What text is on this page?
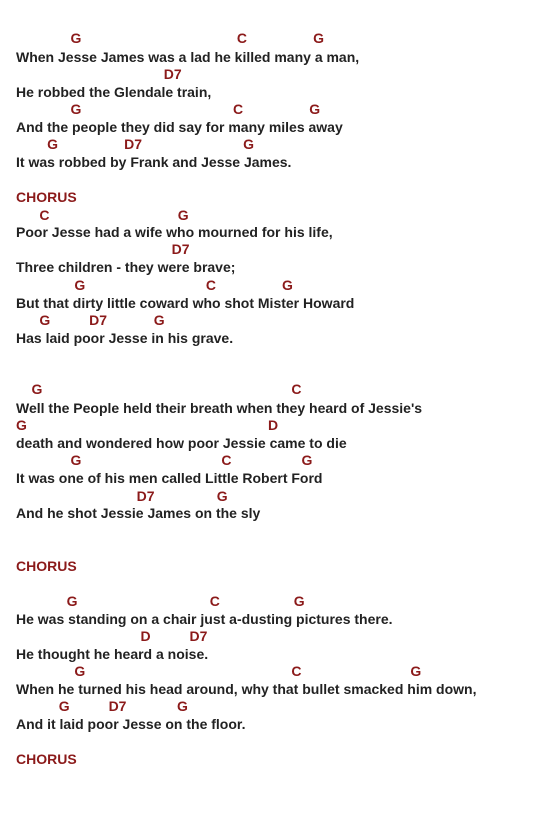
G                                        C                 G
When Jesse James was a lad he killed many a man,
D7
He robbed the Glendale train,
G                                       C                 G
And the people they did say for many miles away
G                 D7                          G
It was robbed by Frank and Jesse James.
CHORUS
C                                 G
Poor Jesse had a wife who mourned for his life,
D7
Three children - they were brave;
G                               C                 G
But that dirty little coward who shot Mister Howard
G          D7            G
Has laid poor Jesse in his grave.
G                                                                C
Well the People held their breath when they heard of Jessie's
G                                                              D
death and wondered how poor Jessie came to die
G                                    C                  G
It was one of his men called Little Robert Ford
D7                G
And he shot Jessie James on the sly
CHORUS
G                                  C                   G
He was standing on a chair just a-dusting pictures there.
D          D7
He thought he heard a noise.
G                                                     C                            G
When he turned his head around, why that bullet smacked him down,
G          D7             G
And it laid poor Jesse on the floor.
CHORUS
